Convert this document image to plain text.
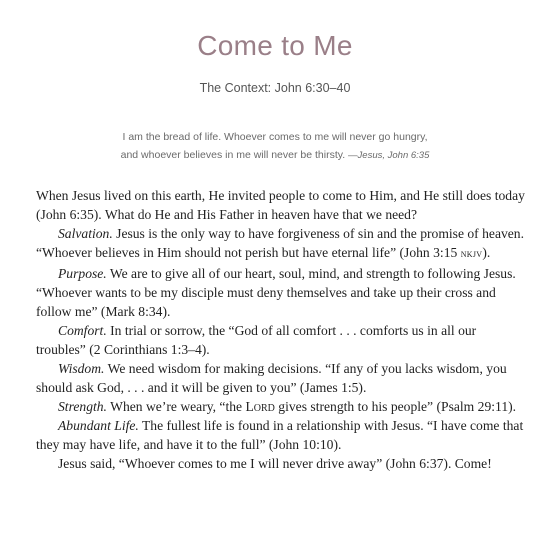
Come to Me
The Context: John 6:30–40
I am the bread of life. Whoever comes to me will never go hungry,
and whoever believes in me will never be thirsty. —Jesus, John 6:35

When Jesus lived on this earth, He invited people to come to Him, and He still does today (John 6:35). What do He and His Father in heaven have that we need?

Salvation. Jesus is the only way to have forgiveness of sin and the promise of heaven. “Whoever believes in Him should not perish but have eternal life” (John 3:15 nkjv).

Purpose. We are to give all of our heart, soul, mind, and strength to following Jesus. “Whoever wants to be my disciple must deny themselves and take up their cross and follow me” (Mark 8:34).

Comfort. In trial or sorrow, the “God of all comfort . . . comforts us in all our troubles” (2 Corinthians 1:3–4).

Wisdom. We need wisdom for making decisions. “If any of you lacks wisdom, you should ask God, . . . and it will be given to you” (James 1:5).

Strength. When we’re weary, “the Lord gives strength to his people” (Psalm 29:11).

Abundant Life. The fullest life is found in a relationship with Jesus. “I have come that they may have life, and have it to the full” (John 10:10).

Jesus said, “Whoever comes to me I will never drive away” (John 6:37). Come!
